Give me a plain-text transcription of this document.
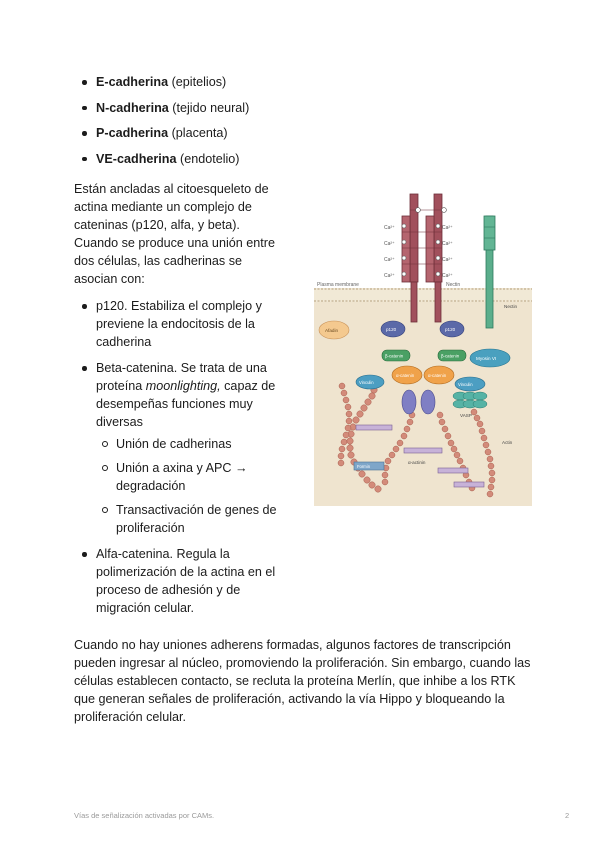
E-cadherina (epitelios)
N-cadherina (tejido neural)
P-cadherina (placenta)
VE-cadherina (endotelio)

Están ancladas al citoesqueleto de actina mediante un complejo de cateninas (p120, alfa, y beta). Cuando se produce una unión entre dos células, las cadherinas se asocian con:

p120. Estabiliza el complejo y previene la endocitosis de la cadherina
Beta-catenina. Se trata de una proteína moonlighting, capaz de desempeñas funciones muy diversas
Unión de cadherinas
Unión a axina y APC → degradación
Transactivación de genes de proliferación
Alfa-catenina. Regula la polimerización de la actina en el proceso de adhesión y de migración celular.
Plasma membrane	Nectin
Ca²⁺
Ca²⁺
Ca²⁺
Ca²⁺
Ca²⁺
Ca²⁺
Ca²⁺
Ca²⁺
p120	p120
β-catenin	β-catenin
α-catenin	α-catenin
Afadin
Myosin VI
Vinculin	Vinculin
VASP
Formin
α-actinin
Actin
Nectin

Cuando no hay uniones adherens formadas, algunos factores de transcripción pueden ingresar al núcleo, promoviendo la proliferación. Sin embargo, cuando las células establecen contacto, se recluta la proteína Merlín, que inhibe a los RTK que generan señales de proliferación, activando la vía Hippo y bloqueando la proliferación celular.

Vías de señalización activadas por CAMs.	2
